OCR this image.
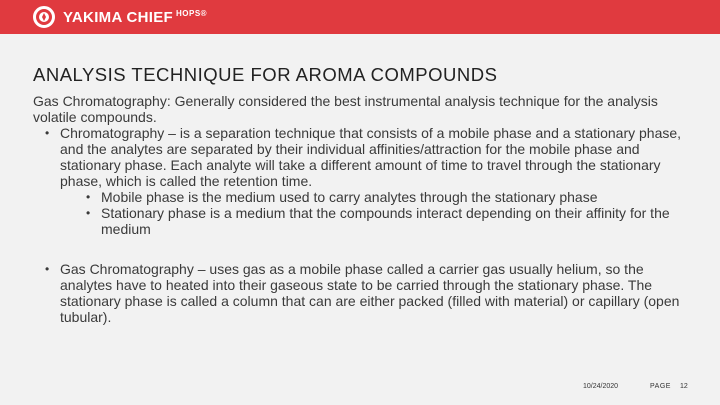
YAKIMA CHIEF HOPS®
ANALYSIS TECHNIQUE FOR AROMA COMPOUNDS

Gas Chromatography: Generally considered the best instrumental analysis technique for the analysis volatile compounds.

• Chromatography – is a separation technique that consists of a mobile phase and a stationary phase, and the analytes are separated by their individual affinities/attraction for the mobile phase and stationary phase. Each analyte will take a different amount of time to travel through the stationary phase, which is called the retention time.
• Mobile phase is the medium used to carry analytes through the stationary phase
• Stationary phase is a medium that the compounds interact depending on their affinity for the medium
• Gas Chromatography – uses gas as a mobile phase called a carrier gas usually helium, so the analytes have to heated into their gaseous state to be carried through the stationary phase. The stationary phase is called a column that can are either packed (filled with material) or capillary (open tubular).
10/24/2020	PAGE 12
